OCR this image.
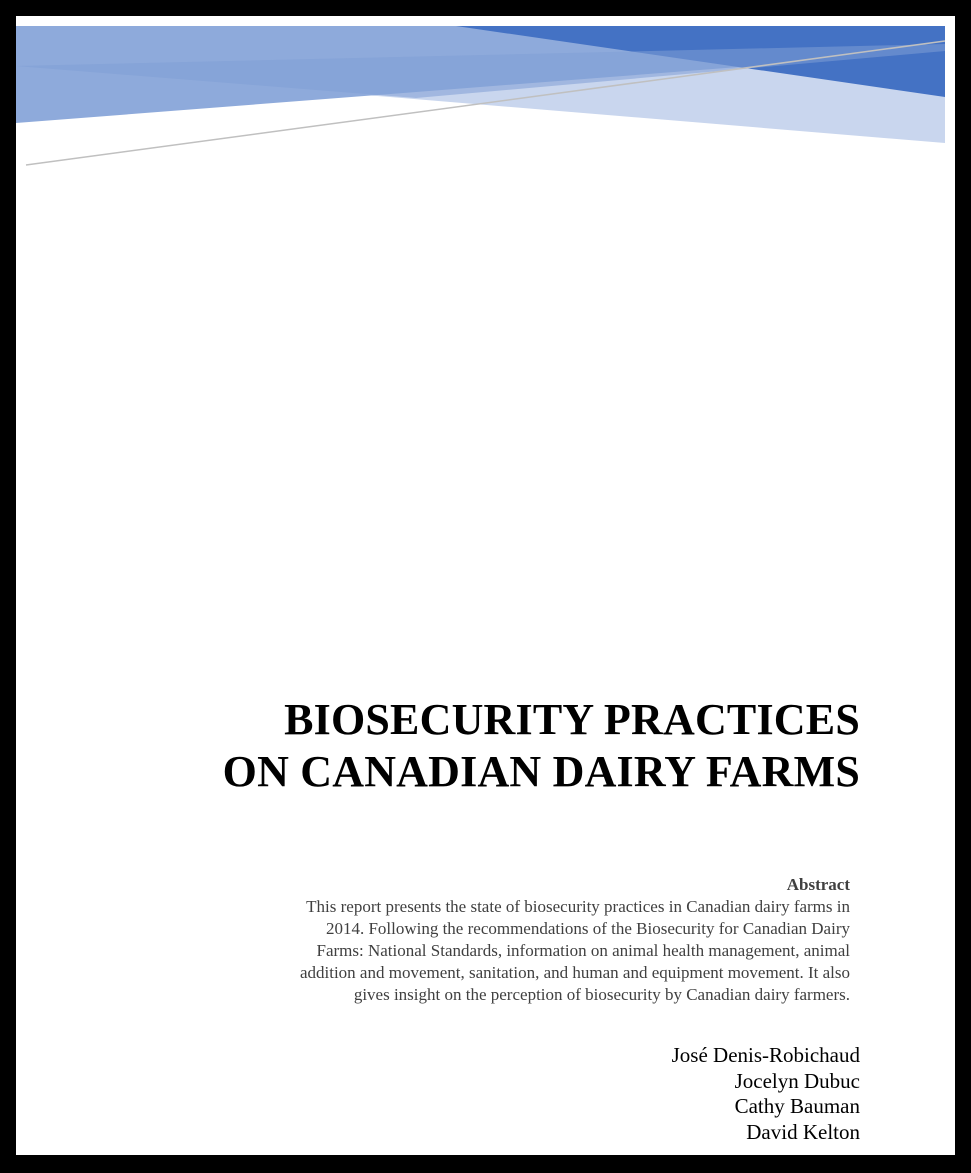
BIOSECURITY PRACTICES
ON CANADIAN DAIRY FARMS

Abstract

This report presents the state of biosecurity practices in Canadian dairy farms in

2014. Following the recommendations of the Biosecurity for Canadian Dairy

Farms: National Standards, information on animal health management, animal

addition and movement, sanitation, and human and equipment movement. It also

gives insight on the perception of biosecurity by Canadian dairy farmers.

José Denis-Robichaud
Jocelyn Dubuc
Cathy Bauman
David Kelton
